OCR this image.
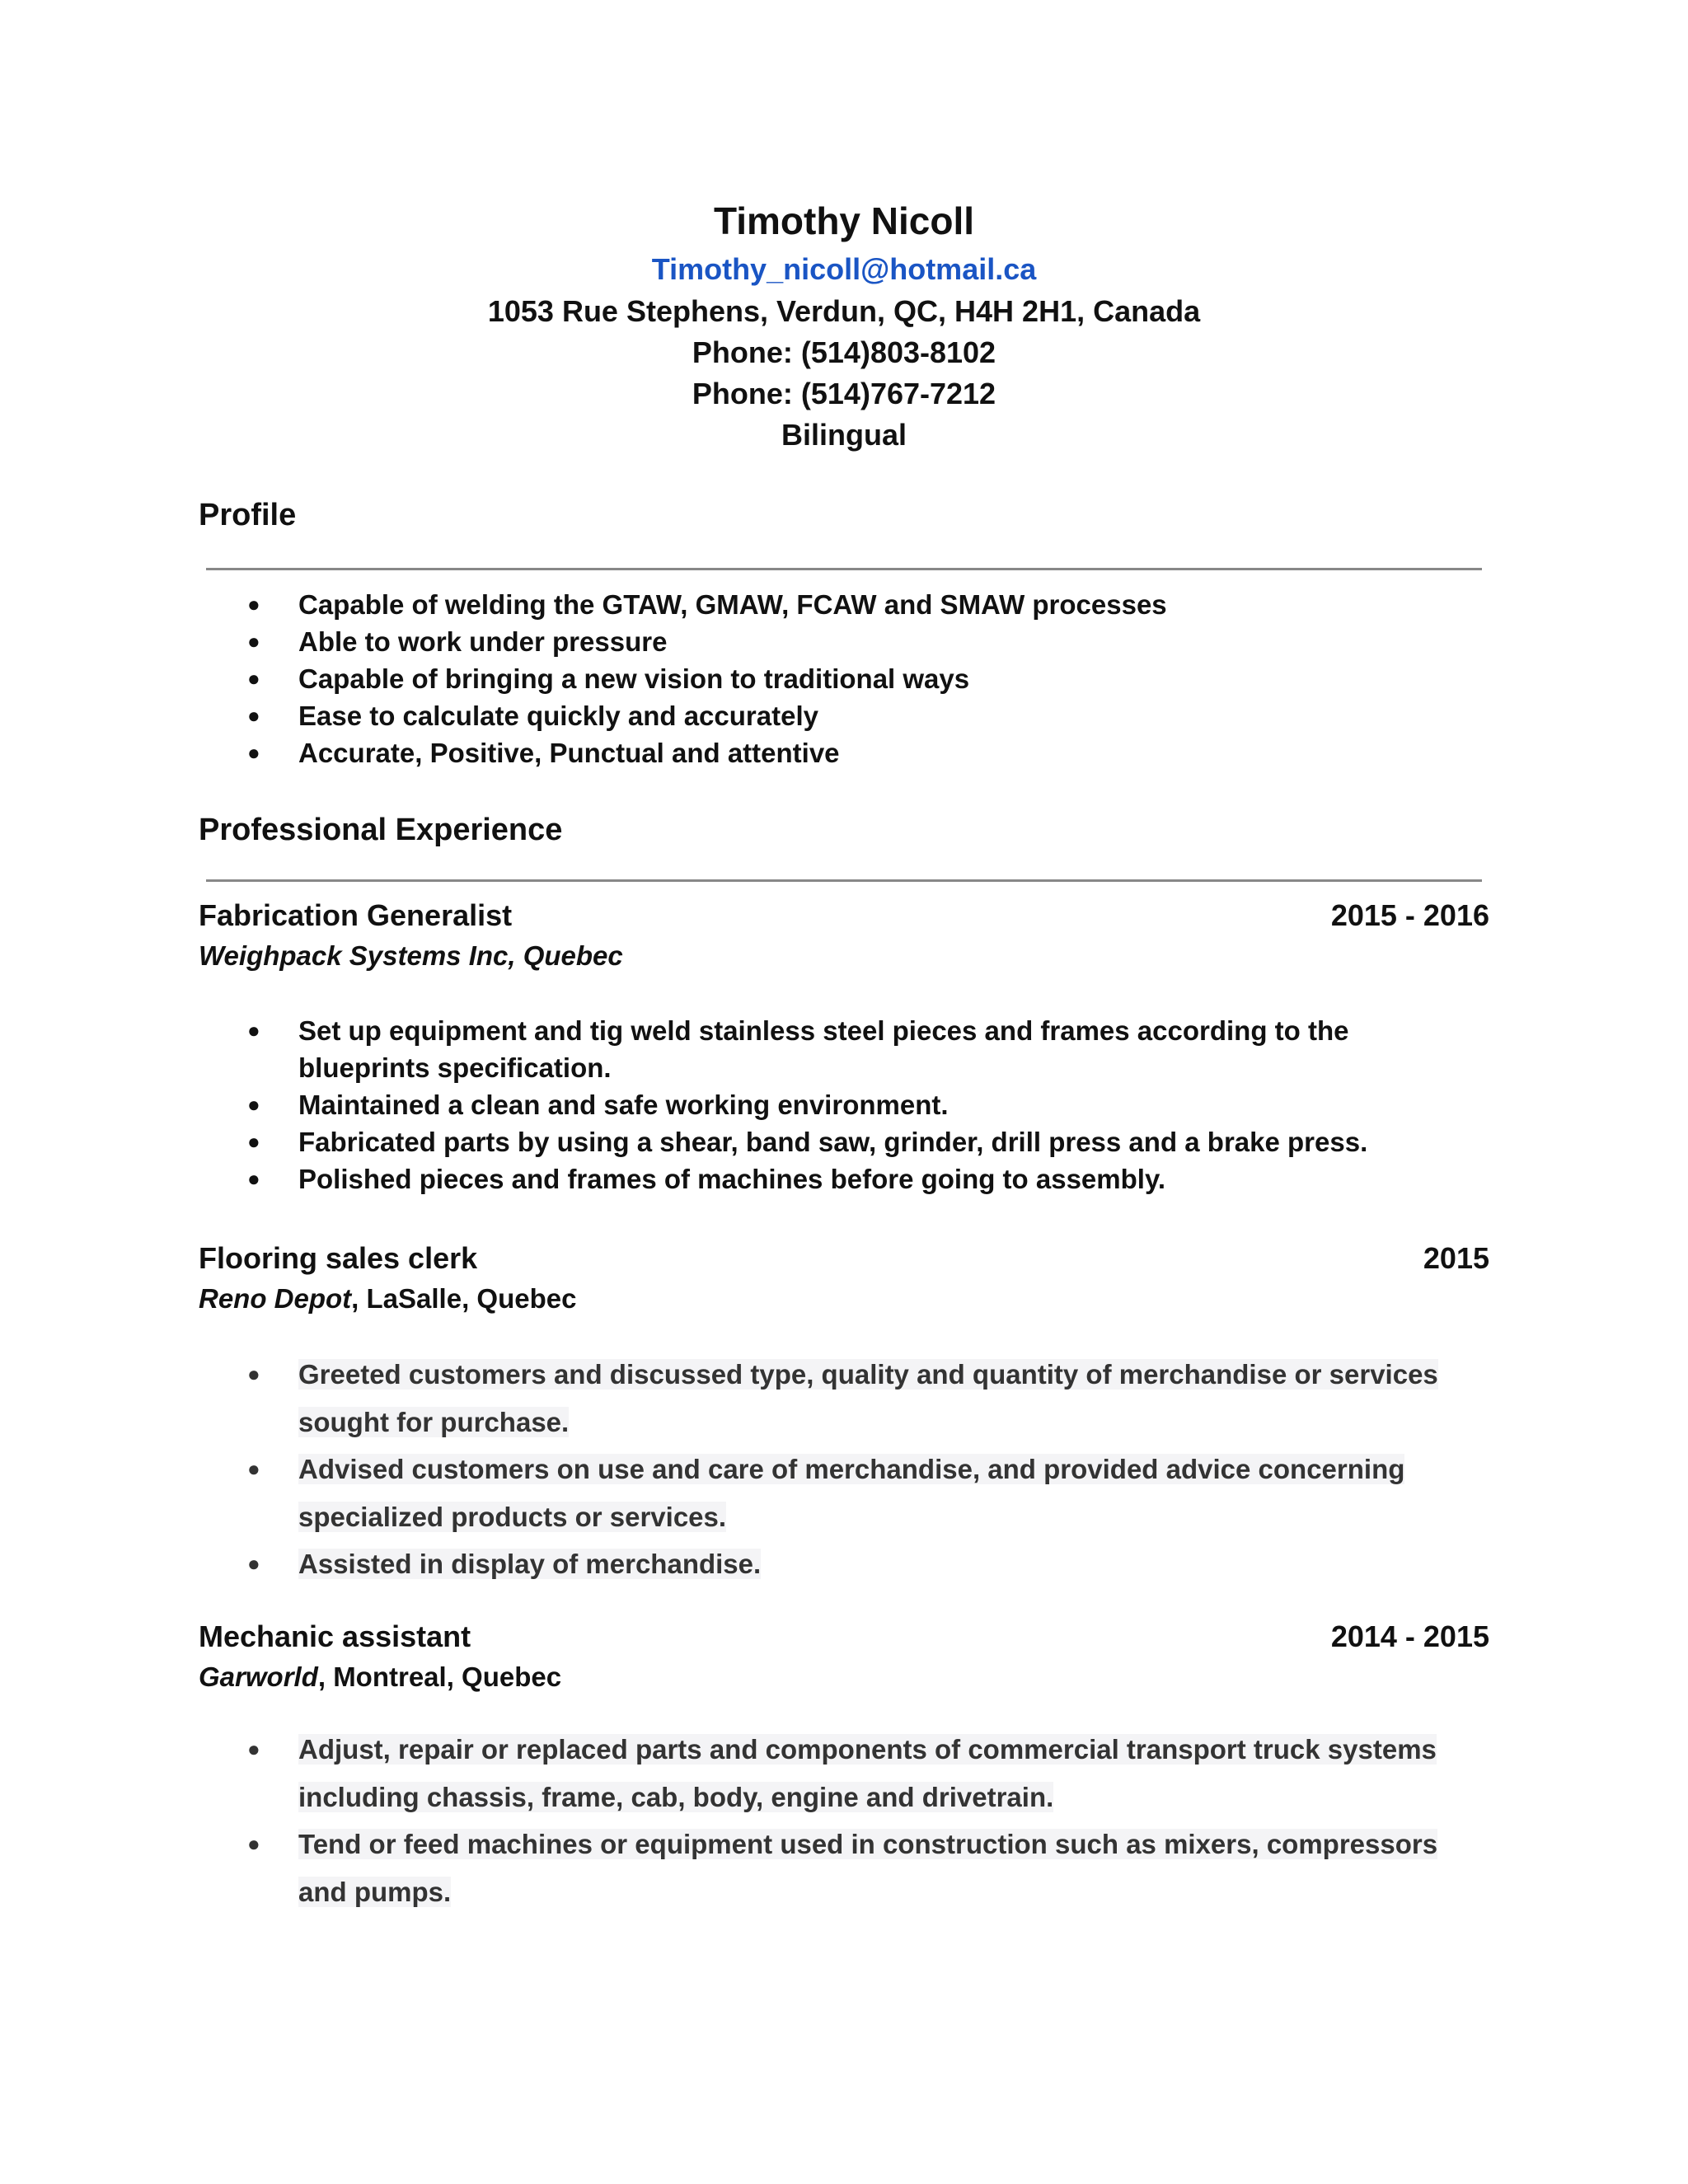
Timothy Nicoll
Timothy_nicoll@hotmail.ca
1053 Rue Stephens, Verdun, QC, H4H 2H1, Canada
Phone: (514)803-8102
Phone: (514)767-7212
Bilingual
Profile
● Capable of welding the GTAW, GMAW, FCAW and SMAW processes
● Able to work under pressure
● Capable of bringing a new vision to traditional ways
● Ease to calculate quickly and accurately
● Accurate, Positive, Punctual and attentive
Professional Experience
Fabrication Generalist	2015 - 2016
Weighpack Systems Inc, Quebec
● Set up equipment and tig weld stainless steel pieces and frames according to the blueprints specification.
● Maintained a clean and safe working environment.
● Fabricated parts by using a shear, band saw, grinder, drill press and a brake press.
● Polished pieces and frames of machines before going to assembly.
Flooring sales clerk	2015
Reno Depot, LaSalle, Quebec
● Greeted customers and discussed type, quality and quantity of merchandise or services sought for purchase.
● Advised customers on use and care of merchandise, and provided advice concerning specialized products or services.
● Assisted in display of merchandise.
Mechanic assistant	2014 - 2015
Garworld, Montreal, Quebec
● Adjust, repair or replaced parts and components of commercial transport truck systems including chassis, frame, cab, body, engine and drivetrain.
● Tend or feed machines or equipment used in construction such as mixers, compressors and pumps.
